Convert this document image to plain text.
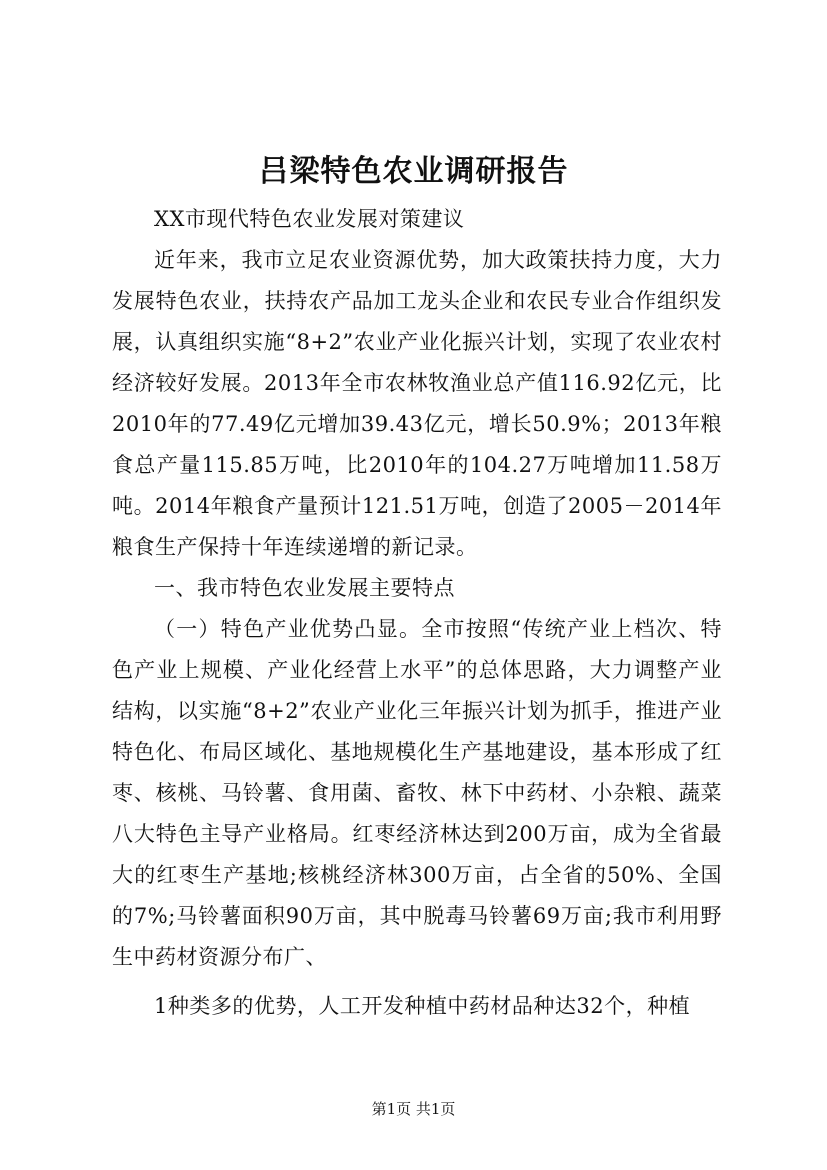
吕梁特色农业调研报告

XX市现代特色农业发展对策建议

近年来，我市立足农业资源优势，加大政策扶持力度，大力发展特色农业，扶持农产品加工龙头企业和农民专业合作组织发展，认真组织实施“8+2”农业产业化振兴计划，实现了农业农村经济较好发展。2013年全市农林牧渔业总产值116.92亿元，比2010年的77.49亿元增加39.43亿元，增长50.9%；2013年粮食总产量115.85万吨，比2010年的104.27万吨增加11.58万吨。2014年粮食产量预计121.51万吨，创造了2005－2014年粮食生产保持十年连续递增的新记录。

一、我市特色农业发展主要特点

（一）特色产业优势凸显。全市按照“传统产业上档次、特色产业上规模、产业化经营上水平”的总体思路，大力调整产业结构，以实施“8+2”农业产业化三年振兴计划为抓手，推进产业特色化、布局区域化、基地规模化生产基地建设，基本形成了红枣、核桃、马铃薯、食用菌、畜牧、林下中药材、小杂粮、蔬菜八大特色主导产业格局。红枣经济林达到200万亩，成为全省最大的红枣生产基地;核桃经济林300万亩，占全省的50%、全国的7%;马铃薯面积90万亩，其中脱毒马铃薯69万亩;我市利用野生中药材资源分布广、

1种类多的优势，人工开发种植中药材品种达32个，种植

第1页 共1页
